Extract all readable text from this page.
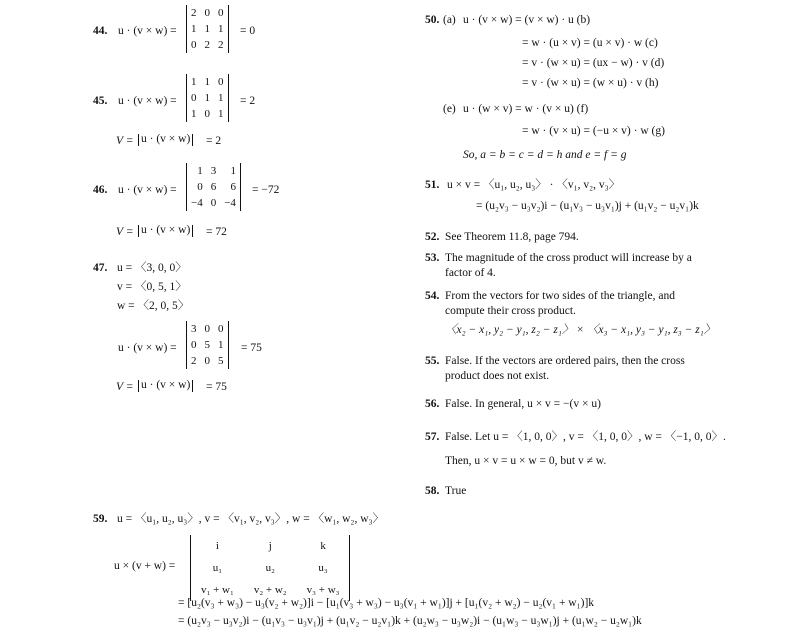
44. u · (v × w) =
2	0	0
1	1	1
0	2	2
= 0
45. u · (v × w) =
1	1	0
0	1	1
1	0	1
= 2
V = u · (v × w) = 2
46. u · (v × w) =
1	3	1
0	6	6
−4	0	−4
= −72
V = u · (v × w) = 72
47. u = 〈3, 0, 0〉
v = 〈0, 5, 1〉
w = 〈2, 0, 5〉
u · (v × w) =
3	0	0
0	5	1
2	0	5
= 75
V = u · (v × w) = 75
50. (a) u · (v × w) = (v × w) · u (b)
= w · (u × v) = (u × v) · w (c)
= v · (w × u) = (ux − w) · v (d)
= v · (w × u) = (w × u) · v (h)
(e) u · (w × v) = w · (v × u) (f)
= w · (v × u) = (−u × v) · w (g)
So, a = b = c = d = h and e = f = g
51. u × v = 〈u₁, u₂, u₃〉 · 〈v₁, v₂, v₃〉
= (u₂v₃ − u₃v₂)i − (u₁v₃ − u₃v₁)j + (u₁v₂ − u₂v₁)k
52. See Theorem 11.8, page 794.
53. The magnitude of the cross product will increase by a
factor of 4.
54. From the vectors for two sides of the triangle, and
compute their cross product.
〈x₂ − x₁, y₂ − y₁, z₂ − z₁〉 × 〈x₃ − x₁, y₃ − y₁, z₃ − z₁〉
55. False. If the vectors are ordered pairs, then the cross
product does not exist.
56. False. In general, u × v = −(v × u)
57. False. Let u = 〈1, 0, 0〉, v = 〈1, 0, 0〉, w = 〈−1, 0, 0〉.
Then, u × v = u × w = 0, but v ≠ w.
58. True
59. u = 〈u₁, u₂, u₃〉, v = 〈v₁, v₂, v₃〉, w = 〈w₁, w₂, w₃〉
u × (v + w) =
i	j	k
u₁	u₂	u₃
v₁ + w₁	v₂ + w₂	v₃ + w₃
= [u₂(v₃ + w₃) − u₃(v₂ + w₂)]i − [u₁(v₃ + w₃) − u₃(v₁ + w₁)]j + [u₁(v₂ + w₂) − u₂(v₁ + w₁)]k
= (u₂v₃ − u₃v₂)i − (u₁v₃ − u₃v₁)j + (u₁v₂ − u₂v₁)k + (u₂w₃ − u₃w₂)i − (u₁w₃ − u₃w₁)j + (u₁w₂ − u₂w₁)k
